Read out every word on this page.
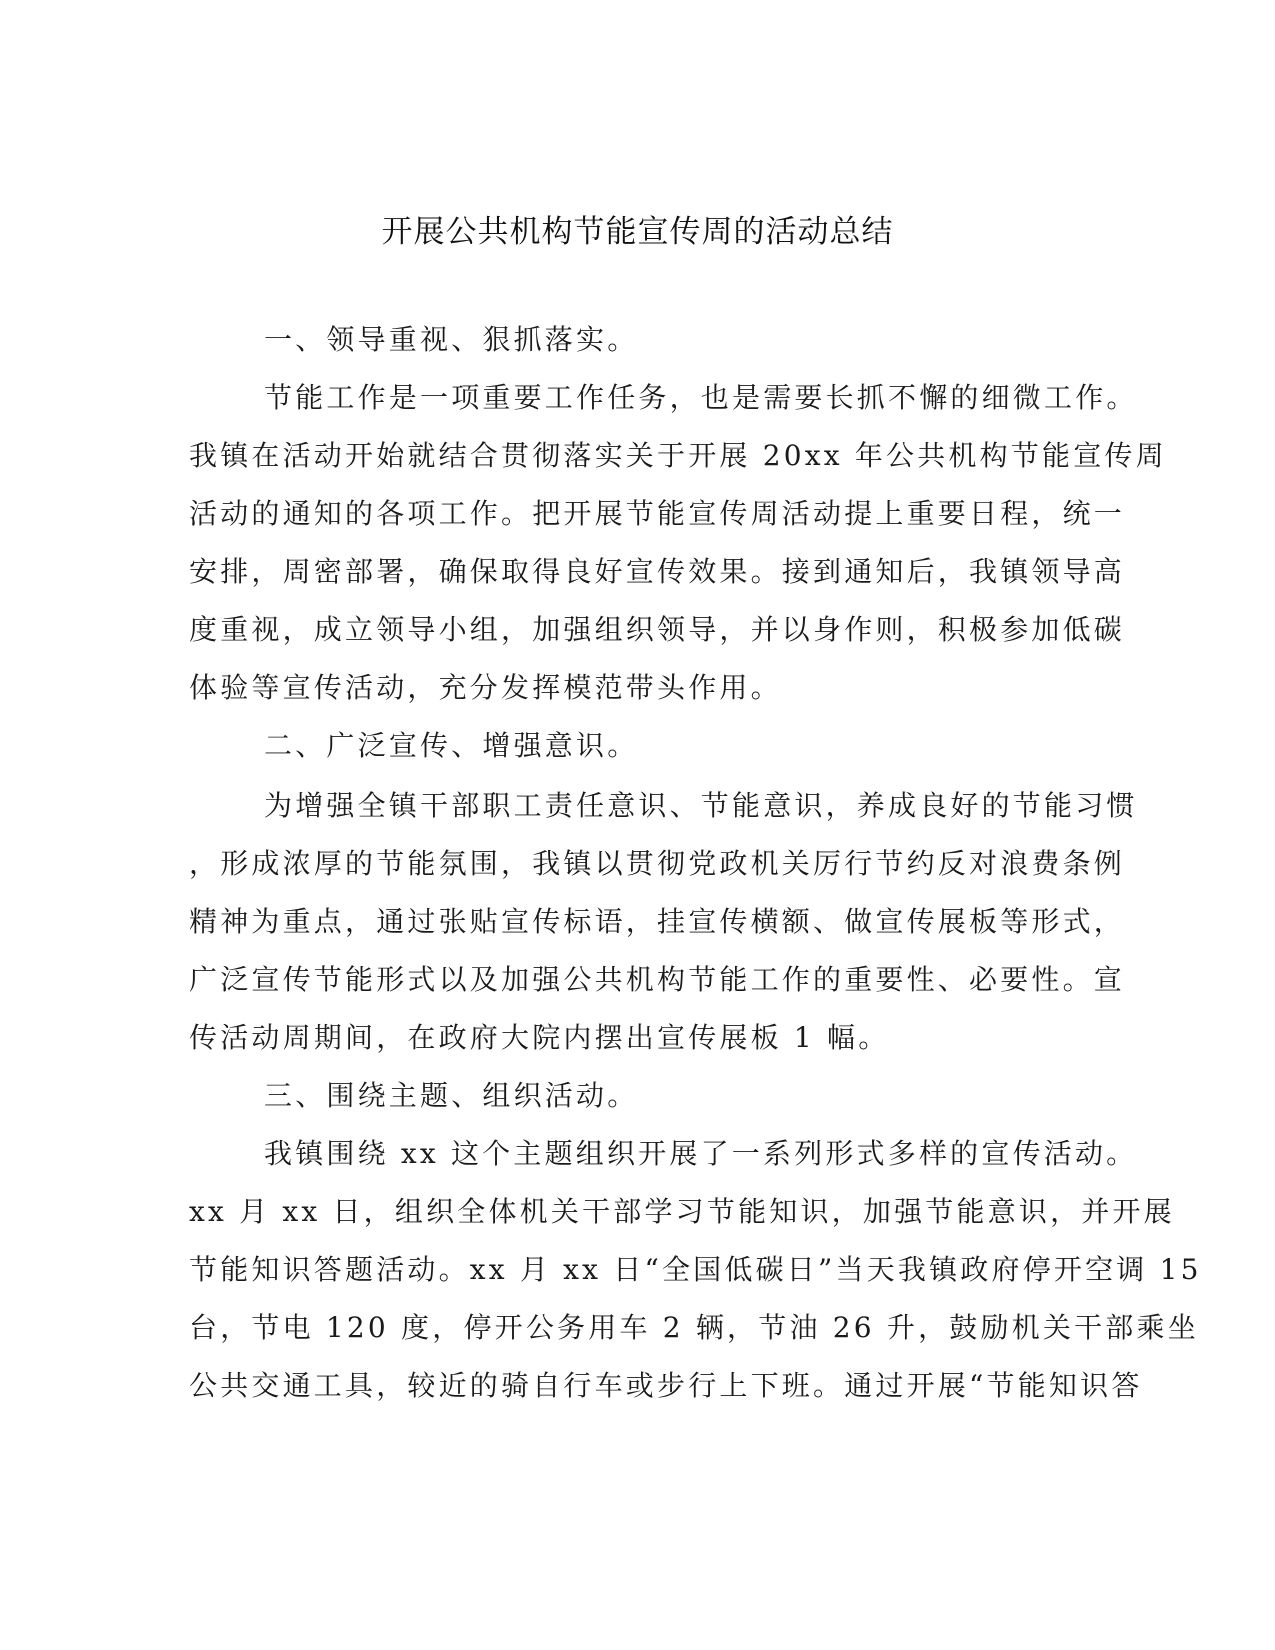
开展公共机构节能宣传周的活动总结
一、领导重视、狠抓落实。
节能工作是一项重要工作任务，也是需要长抓不懈的细微工作。
我镇在活动开始就结合贯彻落实关于开展 20xx 年公共机构节能宣传周
活动的通知的各项工作。把开展节能宣传周活动提上重要日程，统一
安排，周密部署，确保取得良好宣传效果。接到通知后，我镇领导高
度重视，成立领导小组，加强组织领导，并以身作则，积极参加低碳
体验等宣传活动，充分发挥模范带头作用。
二、广泛宣传、增强意识。
为增强全镇干部职工责任意识、节能意识，养成良好的节能习惯
，形成浓厚的节能氛围，我镇以贯彻党政机关厉行节约反对浪费条例
精神为重点，通过张贴宣传标语，挂宣传横额、做宣传展板等形式，
广泛宣传节能形式以及加强公共机构节能工作的重要性、必要性。宣
传活动周期间，在政府大院内摆出宣传展板 1 幅。
三、围绕主题、组织活动。
我镇围绕 xx 这个主题组织开展了一系列形式多样的宣传活动。
xx 月 xx 日，组织全体机关干部学习节能知识，加强节能意识，并开展
节能知识答题活动。xx 月 xx 日“全国低碳日”当天我镇政府停开空调 15
台，节电 120 度，停开公务用车 2 辆，节油 26 升，鼓励机关干部乘坐
公共交通工具，较近的骑自行车或步行上下班。通过开展“节能知识答
